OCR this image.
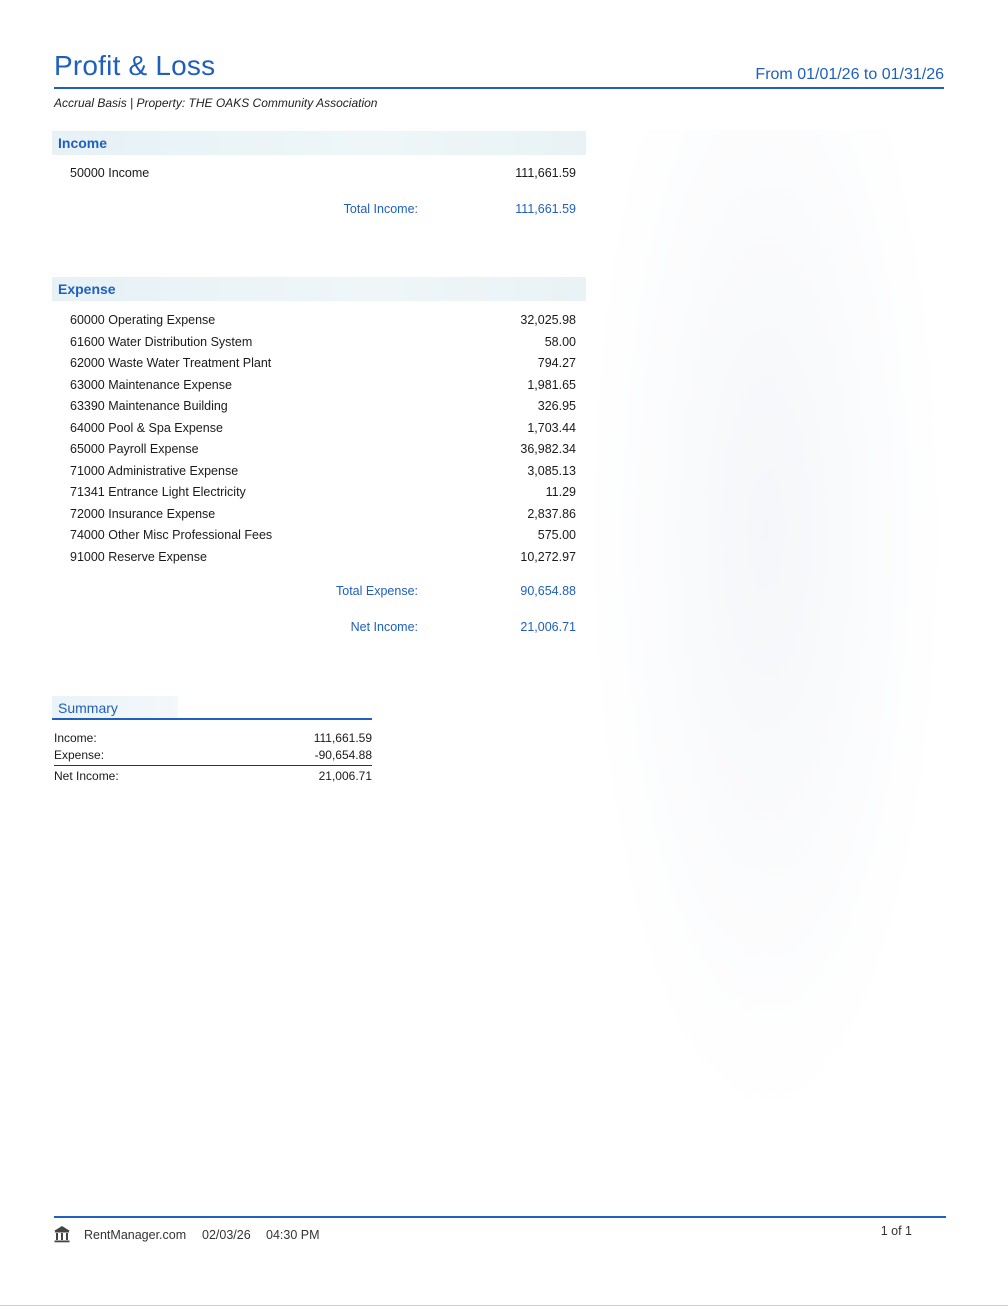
Profit & Loss	From 01/01/26 to 01/31/26
Accrual Basis | Property: THE OAKS Community Association
Income
50000 Income	111,661.59
Total Income:	111,661.59
Expense
60000 Operating Expense	32,025.98
61600 Water Distribution System	58.00
62000 Waste Water Treatment Plant	794.27
63000 Maintenance Expense	1,981.65
63390 Maintenance Building	326.95
64000 Pool & Spa Expense	1,703.44
65000 Payroll Expense	36,982.34
71000 Administrative Expense	3,085.13
71341 Entrance Light Electricity	11.29
72000 Insurance Expense	2,837.86
74000 Other Misc Professional Fees	575.00
91000 Reserve Expense	10,272.97
Total Expense:	90,654.88
Net Income:	21,006.71
Summary
Income:	111,661.59
Expense:	-90,654.88
Net Income:	21,006.71
RentManager.com 02/03/26 04:30 PM	1 of 1
